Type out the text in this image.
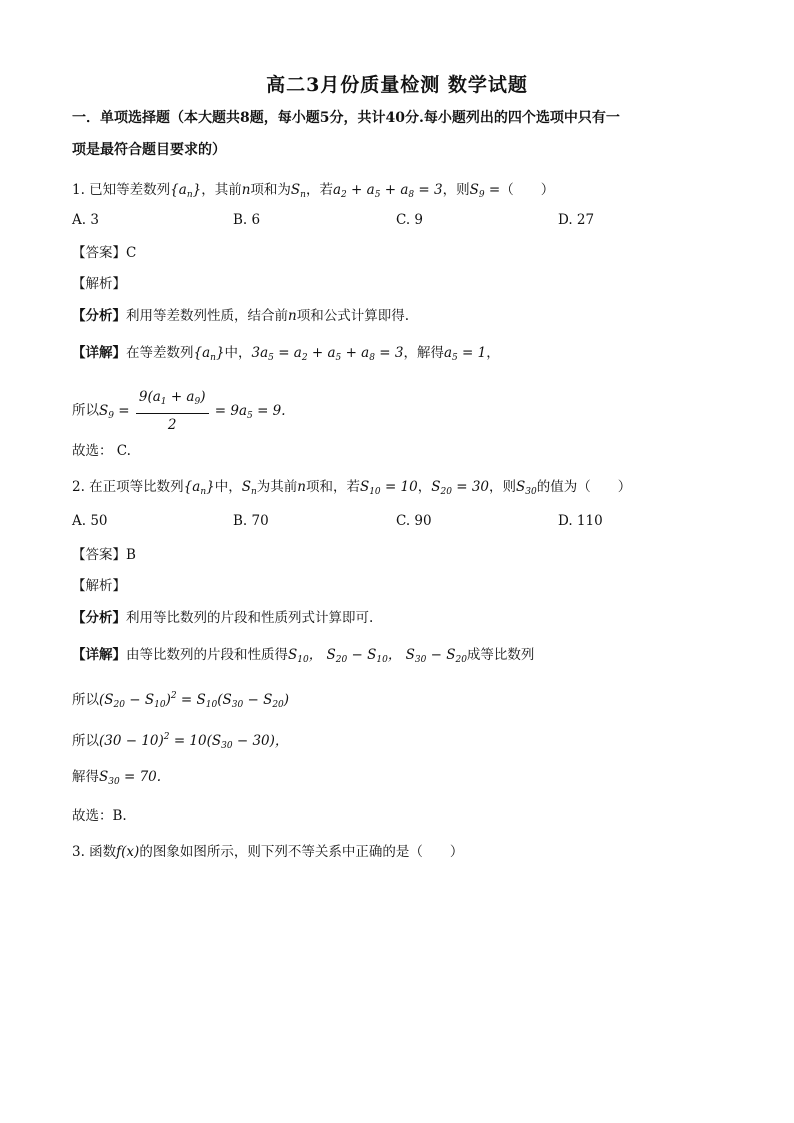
高二3月份质量检测 数学试题
一．单项选择题（本大题共8题，每小题5分，共计40分.每小题列出的四个选项中只有一
项是最符合题目要求的）
1. 已知等差数列$\{a_n\}$，其前n项和为$S_n$，若$a_2 + a_5 + a_8 = 3$，则$S_9$ =（　　）
A. 3	B. 6	C. 9	D. 27
【答案】C
【解析】
【分析】利用等差数列性质，结合前n项和公式计算即得.
【详解】在等差数列$\{a_n\}$中，$3a_5 = a_2 + a_5 + a_8 = 3$，解得$a_5 = 1$，
所以$S_9 = \frac{9(a_1 + a_9)}{2} = 9a_5 = 9$.
故选： C.
2. 在正项等比数列$\{a_n\}$中，$S_n$为其前n项和，若$S_{10} = 10$，$S_{20} = 30$，则$S_{30}$的值为（　　）
A. 50	B. 70	C. 90	D. 110
【答案】B
【解析】
【分析】利用等比数列的片段和性质列式计算即可.
【详解】由等比数列的片段和性质得$S_{10}$， $S_{20} - S_{10}$， $S_{30} - S_{20}$成等比数列
所以$(S_{20} - S_{10})^2 = S_{10}(S_{30} - S_{20})$
所以$(30 - 10)^2 = 10(S_{30} - 30)$，
解得$S_{30} = 70$.
故选：B.
3. 函数f(x)的图象如图所示，则下列不等关系中正确的是（　　）
